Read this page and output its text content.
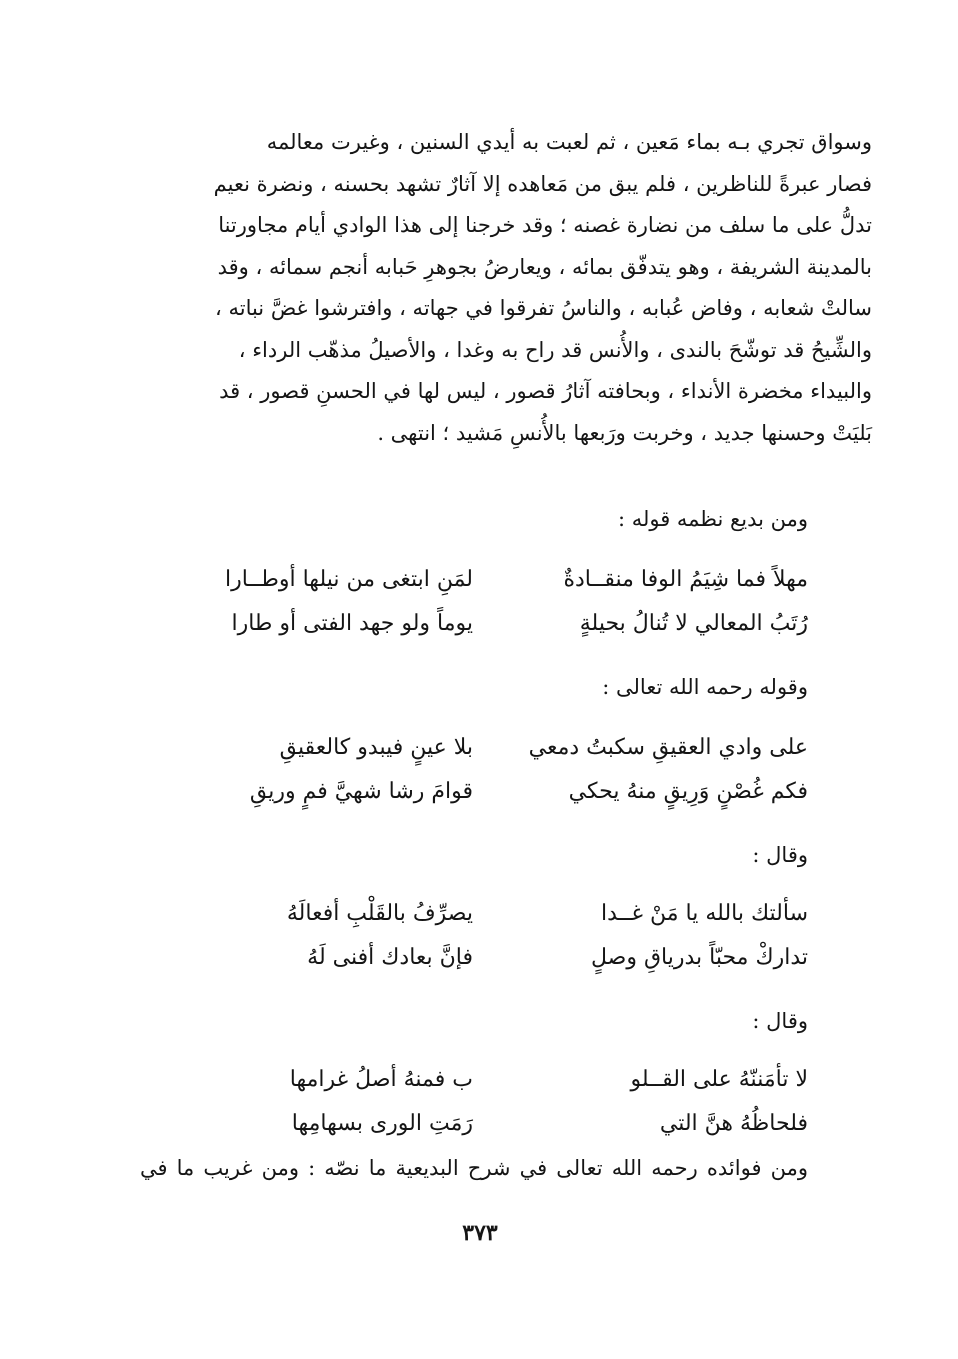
وسواق تجري بـه بماء مَعين ، ثم لعبت به أيدي السنين ، وغيرت معالمه

فصار عبرةً للناظرين ، فلم يبق من مَعاهده إلا آثارٌ تشهد بحسنه ، ونضرة نعيم

تدلُّ على ما سلف من نضارة غصنه ؛ وقد خرجنا إلى هذا الوادي أيام مجاورتنا

بالمدينة الشريفة ، وهو يتدفّق بمائه ، ويعارضُ بجوهرِ حَبابه أنجم سمائه ، وقد

سالتْ شعابه ، وفاض عُبابه ، والناسُ تفرقوا في جهاته ، وافترشوا غضَّ نباته ،

والشِّيحُ قد توشّحَ بالندى ، والأُنس قد راح به وغدا ، والأصيلُ مذهّب الرداء ،

والبيداء مخضرة الأنداء ، وبحافته آثارُ قصور ، ليس لها في الحسنِ قصور ، قد

بَليَتْ وحسنها جديد ، وخربت ورَبعها بالأُنسِ مَشيد ؛ انتهى .

ومن بديع نظمه قوله :
مهلاً فما شِيَمُ الوفا منقــادةٌ
لمَنِ ابتغى من نيلها أوطــارا
رُتَبُ المعالي لا تُنالُ بحيلةٍ
يوماً ولو جهد الفتى أو طارا
وقوله رحمه الله تعالى :
على وادي العقيقِ سكبتُ دمعي
بلا عينٍ فيبدو كالعقيقِ
فكم غُصْنٍ وَرِيقٍ منهُ يحكي
قوامَ رشا شهيَّ فمٍ وريقِ
وقال :
سألتك بالله يا مَنْ غــدا
يصرِّفُ بالقَلْبِ أفعالَهُ
تداركْ محبّاً بدرياقِ وصلٍ
فإنَّ بعادك أفنى لَهُ
وقال :
لا تأمَننّهُ على القــلو
ب فمنهُ أصلُ غرامها
فلحاظُهُ هنَّ التي
رَمَتِ الورى بسهامِها
ومن فوائده رحمه الله تعالى في شرح البديعية ما نصّه : ومن غريب ما في
٣٧٣
